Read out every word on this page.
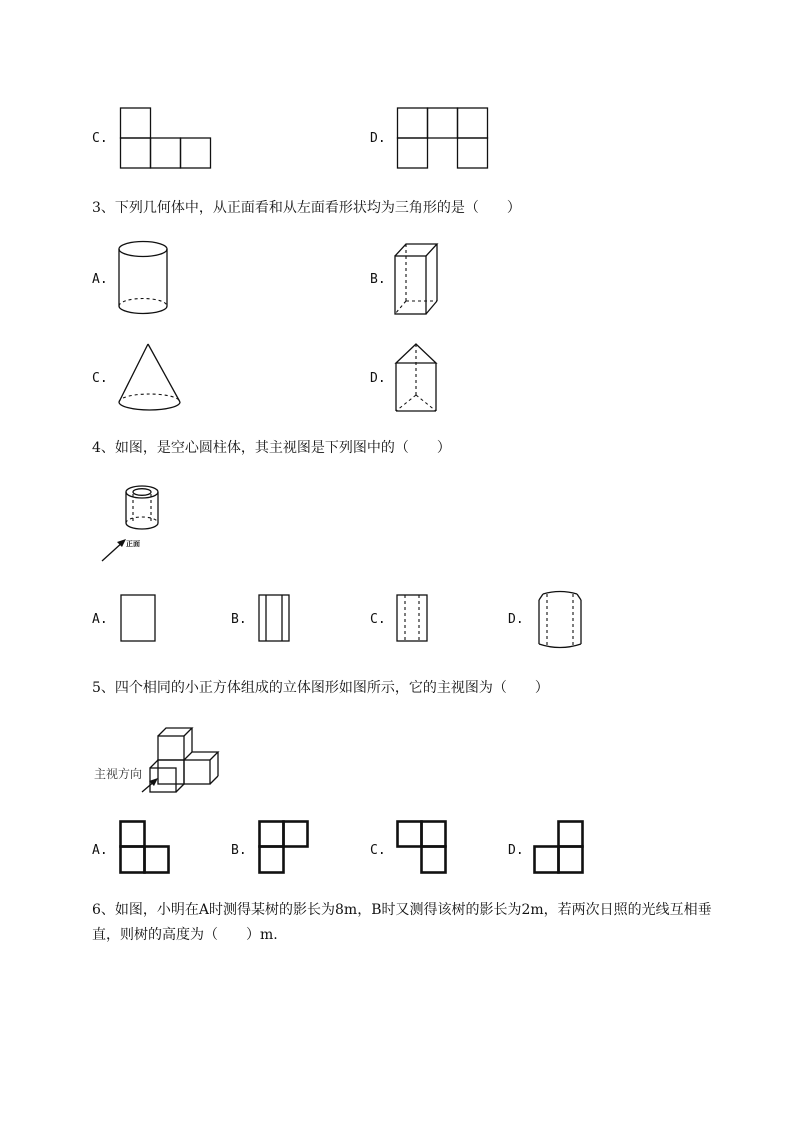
C.	D.
3、下列几何体中，从正面看和从左面看形状均为三角形的是（　　）
A.	B.
C.	D.
4、如图，是空心圆柱体，其主视图是下列图中的（　　）
正面
A.	B.	C.	D.
5、四个相同的小正方体组成的立体图形如图所示，它的主视图为（　　）
主视方向
A.	B.	C.	D.
6、如图，小明在A时测得某树的影长为8m，B时又测得该树的影长为2m，若两次日照的光线互相垂
直，则树的高度为（　　）m.
